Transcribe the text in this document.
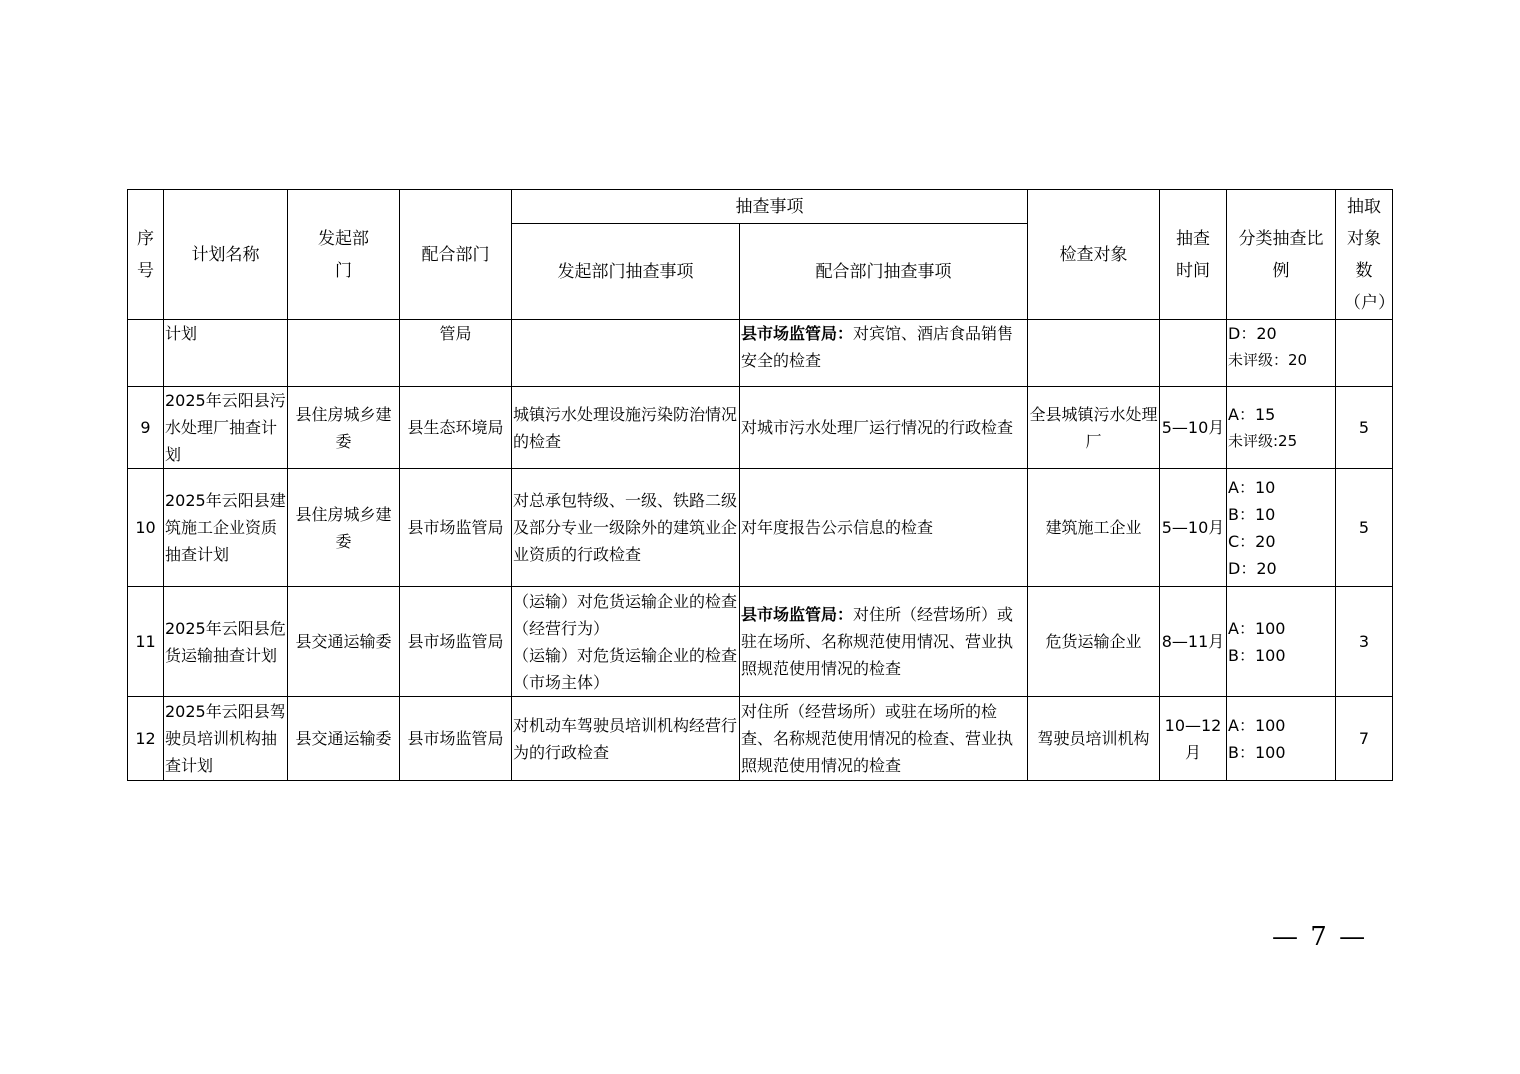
序号	计划名称	发起部门	配合部门	抽查事项		检查对象	抽查时间	分类抽查比例	抽取对象数（户）
				发起部门抽查事项	配合部门抽查事项				
	计划		管局		县市场监管局：对宾馆、酒店食品销售安全的检查			D：20
未评级：20	

9	2025年云阳县污水处理厂抽查计划	县住房城乡建委	县生态环境局	城镇污水处理设施污染防治情况的检查	对城市污水处理厂运行情况的行政检查	全县城镇污水处理厂	5—10月	A：15
未评级:25	5
10	2025年云阳县建筑施工企业资质抽查计划	县住房城乡建委	县市场监管局	对总承包特级、一级、铁路二级及部分专业一级除外的建筑业企业资质的行政检查	对年度报告公示信息的检查	建筑施工企业	5—10月	A：10
B：10
C：20
D：20	5
11	2025年云阳县危货运输抽查计划	县交通运输委	县市场监管局	（运输）对危货运输企业的检查（经营行为）
（运输）对危货运输企业的检查（市场主体）	县市场监管局：对住所（经营场所）或驻在场所、名称规范使用情况、营业执照规范使用情况的检查	危货运输企业	8—11月	A：100
B：100	3
12	2025年云阳县驾驶员培训机构抽查计划	县交通运输委	县市场监管局	对机动车驾驶员培训机构经营行为的行政检查	对住所（经营场所）或驻在场所的检查、名称规范使用情况的检查、营业执照规范使用情况的检查	驾驶员培训机构	10—12月	A：100
B：100	7
— 7 —
